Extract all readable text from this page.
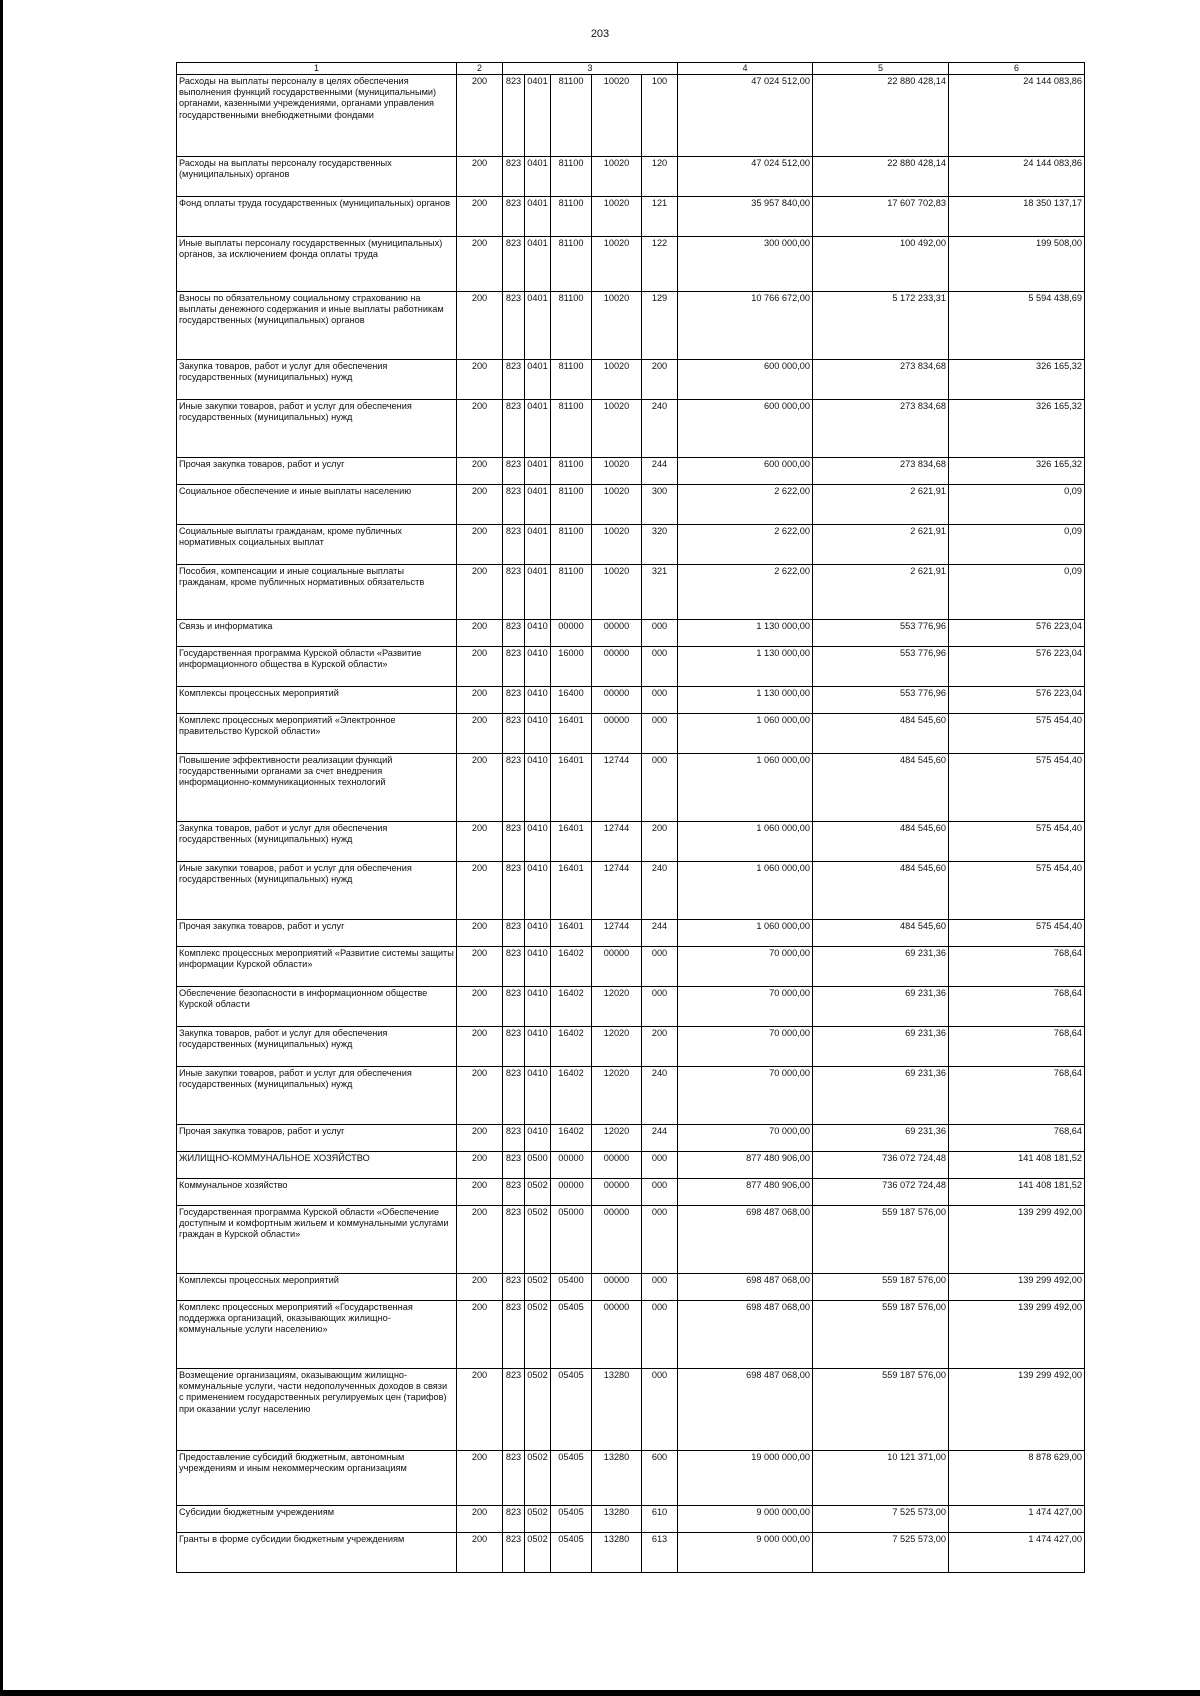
203
1	2	3					4	5	6
Расходы на выплаты персоналу в целях обеспечения выполнения функций государственными (муниципальными) органами, казенными учреждениями, органами управления государственными внебюджетными фондами	200	823	0401	81100	10020	100	47 024 512,00	22 880 428,14	24 144 083,86
Расходы на выплаты персоналу государственных (муниципальных) органов	200	823	0401	81100	10020	120	47 024 512,00	22 880 428,14	24 144 083,86
Фонд оплаты труда государственных (муниципальных) органов	200	823	0401	81100	10020	121	35 957 840,00	17 607 702,83	18 350 137,17
Иные выплаты персоналу государственных (муниципальных) органов, за исключением фонда оплаты труда	200	823	0401	81100	10020	122	300 000,00	100 492,00	199 508,00
Взносы по обязательному социальному страхованию на выплаты денежного содержания и иные выплаты работникам государственных (муниципальных) органов	200	823	0401	81100	10020	129	10 766 672,00	5 172 233,31	5 594 438,69
Закупка товаров, работ и услуг для обеспечения государственных (муниципальных) нужд	200	823	0401	81100	10020	200	600 000,00	273 834,68	326 165,32
Иные закупки товаров, работ и услуг для обеспечения государственных (муниципальных) нужд	200	823	0401	81100	10020	240	600 000,00	273 834,68	326 165,32
Прочая закупка товаров, работ и услуг	200	823	0401	81100	10020	244	600 000,00	273 834,68	326 165,32
Социальное обеспечение и иные выплаты населению	200	823	0401	81100	10020	300	2 622,00	2 621,91	0,09
Социальные выплаты гражданам, кроме публичных нормативных социальных выплат	200	823	0401	81100	10020	320	2 622,00	2 621,91	0,09
Пособия, компенсации и иные социальные выплаты гражданам, кроме публичных нормативных обязательств	200	823	0401	81100	10020	321	2 622,00	2 621,91	0,09
Связь и информатика	200	823	0410	00000	00000	000	1 130 000,00	553 776,96	576 223,04
Государственная программа Курской области «Развитие информационного общества в Курской области»	200	823	0410	16000	00000	000	1 130 000,00	553 776,96	576 223,04
Комплексы процессных мероприятий	200	823	0410	16400	00000	000	1 130 000,00	553 776,96	576 223,04
Комплекс процессных мероприятий «Электронное правительство Курской области»	200	823	0410	16401	00000	000	1 060 000,00	484 545,60	575 454,40
Повышение эффективности реализации функций государственными органами за счет внедрения информационно-коммуникационных технологий	200	823	0410	16401	12744	000	1 060 000,00	484 545,60	575 454,40
Закупка товаров, работ и услуг для обеспечения государственных (муниципальных) нужд	200	823	0410	16401	12744	200	1 060 000,00	484 545,60	575 454,40
Иные закупки товаров, работ и услуг для обеспечения государственных (муниципальных) нужд	200	823	0410	16401	12744	240	1 060 000,00	484 545,60	575 454,40
Прочая закупка товаров, работ и услуг	200	823	0410	16401	12744	244	1 060 000,00	484 545,60	575 454,40
Комплекс процессных мероприятий «Развитие системы защиты информации Курской области»	200	823	0410	16402	00000	000	70 000,00	69 231,36	768,64
Обеспечение безопасности в информационном обществе Курской области	200	823	0410	16402	12020	000	70 000,00	69 231,36	768,64
Закупка товаров, работ и услуг для обеспечения государственных (муниципальных) нужд	200	823	0410	16402	12020	200	70 000,00	69 231,36	768,64
Иные закупки товаров, работ и услуг для обеспечения государственных (муниципальных) нужд	200	823	0410	16402	12020	240	70 000,00	69 231,36	768,64
Прочая закупка товаров, работ и услуг	200	823	0410	16402	12020	244	70 000,00	69 231,36	768,64
ЖИЛИЩНО-КОММУНАЛЬНОЕ ХОЗЯЙСТВО	200	823	0500	00000	00000	000	877 480 906,00	736 072 724,48	141 408 181,52
Коммунальное хозяйство	200	823	0502	00000	00000	000	877 480 906,00	736 072 724,48	141 408 181,52
Государственная программа Курской области «Обеспечение доступным и комфортным жильем и коммунальными услугами граждан в Курской области»	200	823	0502	05000	00000	000	698 487 068,00	559 187 576,00	139 299 492,00
Комплексы процессных мероприятий	200	823	0502	05400	00000	000	698 487 068,00	559 187 576,00	139 299 492,00
Комплекс процессных мероприятий «Государственная поддержка организаций, оказывающих жилищно-коммунальные услуги населению»	200	823	0502	05405	00000	000	698 487 068,00	559 187 576,00	139 299 492,00
Возмещение организациям, оказывающим жилищно-коммунальные услуги, части недополученных доходов в связи с применением государственных регулируемых цен (тарифов) при оказании услуг населению	200	823	0502	05405	13280	000	698 487 068,00	559 187 576,00	139 299 492,00
Предоставление субсидий бюджетным, автономным учреждениям и иным некоммерческим организациям	200	823	0502	05405	13280	600	19 000 000,00	10 121 371,00	8 878 629,00
Субсидии бюджетным учреждениям	200	823	0502	05405	13280	610	9 000 000,00	7 525 573,00	1 474 427,00
Гранты в форме субсидии бюджетным учреждениям	200	823	0502	05405	13280	613	9 000 000,00	7 525 573,00	1 474 427,00
